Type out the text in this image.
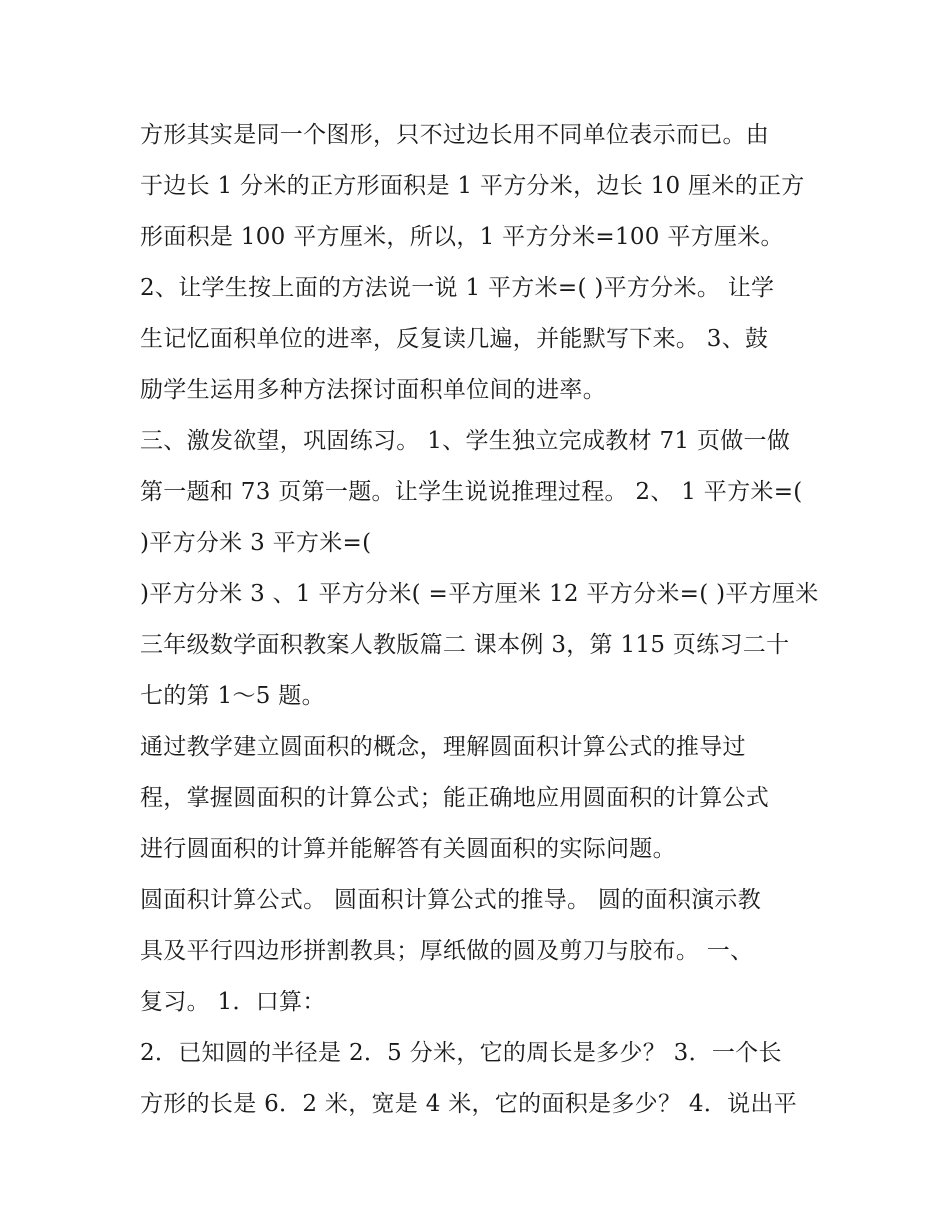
方形其实是同一个图形，只不过边长用不同单位表示而已。由
于边长 1 分米的正方形面积是 1 平方分米，边长 10 厘米的正方
形面积是 100 平方厘米，所以，1 平方分米=100 平方厘米。
2、让学生按上面的方法说一说 1 平方米=( )平方分米。 让学
生记忆面积单位的进率，反复读几遍，并能默写下来。 3、鼓
励学生运用多种方法探讨面积单位间的进率。
三、激发欲望，巩固练习。 1、学生独立完成教材 71 页做一做
第一题和 73 页第一题。让学生说说推理过程。 2、 1 平方米=(
)平方分米 3 平方米=(
)平方分米 3 、1 平方分米( =平方厘米 12 平方分米=( )平方厘米
三年级数学面积教案人教版篇二 课本例 3，第 115 页练习二十
七的第 1～5 题。
通过教学建立圆面积的概念，理解圆面积计算公式的推导过
程，掌握圆面积的计算公式；能正确地应用圆面积的计算公式
进行圆面积的计算并能解答有关圆面积的实际问题。
圆面积计算公式。 圆面积计算公式的推导。 圆的面积演示教
具及平行四边形拼割教具；厚纸做的圆及剪刀与胶布。 一、
复习。 1．口算：
2．已知圆的半径是 2．5 分米，它的周长是多少？ 3．一个长
方形的长是 6．2 米，宽是 4 米，它的面积是多少？ 4．说出平
